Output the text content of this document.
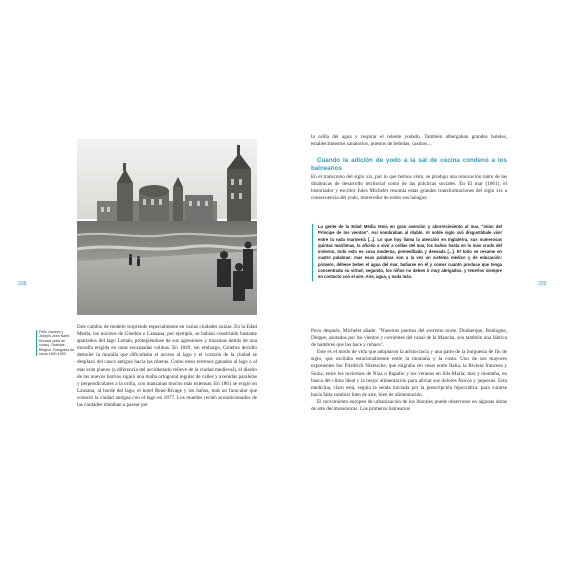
208	209
Félix Laureys y Joseph-Jean Naert. Kursaal (sala de curas), Ostende, Bélgica. Fotografía de hacia 1890-1900.

Este cambio de modelo sorprende especialmente en varias ciudades suizas. En la Edad Media, los núcleos de Ginebra o Lausana, por ejemplo, se habían construido bastante apartados del lago Lemán, protegiéndose de sus agresiones y miasmas detrás de una muralla erigida en unas escarpadas colinas. En 1849, sin embargo, Ginebra decidió demoler la muralla que dificultaba el acceso al lago y el corazón de la ciudad se desplazó del casco antiguo hacia las riberas. Como estos terrenos ganados al lago o al mar eran planos (a diferencia del accidentado relieve de la ciudad medieval), el diseño de los nuevos barrios siguió una malla ortogonal regular de calles y avenidas paralelas y perpendiculares a la orilla, con manzanas mucho más extensas. En 1861 se erigió en Lausana, al borde del lago, el hotel Beau-Rivage y los baños, más un funicular que conectó la ciudad antigua con el lago en 1877. Los muelles recién acondicionados de las ciudades imitaban a pasear por

la orilla del agua y respirar el relente yodado. También albergaban grandes hoteles, establecimientos sanatorios, puestos de bebidas, casinos…

Cuando la adición de yodo a la sal de cocina condenó a los balnearios

En el transcurso del siglo xix, por lo que hemos visto, se produjo una renovación tanto de las dinámicas de desarrollo territorial como de las prácticas sociales. En El mar (1861), el historiador y escritor Jules Michelet resumía estas grandes transformaciones del siglo xix a consecuencia del yodo, merecedor de todos sus halagos:

La gente de la Edad Media tenía en gran aversión y aborrecimiento al mar, "reino del Príncipe de los vientos". Así nombraban al diablo. Al noble siglo xvii disgustábale vivir entre la ruda marinería [...]. Lo que hoy llama la atención en Inglaterra, sus numerosas quintas marítimas, la afición a vivir a orillas del mar, los baños hasta en lo más crudo del invierno, todo esto es cosa moderna, premeditada y deseada [...]. El todo se resume en cuatro palabras: mas esas palabras son a la vez un sistema médico y de educación: primero, débese beber el agua del mar, bañarse en él y comer cuanto produce que tenga concentrada su virtud; segundo, los niños no deben ir muy abrigados, y tenerlos siempre en contacto con el aire. Aire, agua, y nada más.

Poco después, Michelet añade: "Nuestros puertos del extremo norte. Dunkerque, Boulogne, Dieppe, azotados por los vientos y corrientes del canal de la Mancha, son también una fábrica de hombres que los hace y rehace".

Este es el modo de vida que adoptaron la aristocracia y una parte de la burguesía de fin de siglo, que oscilaba estacionalmente entre la montaña y la costa. Uno de sus mayores exponentes fue Friedrich Nietzsche, que migraba sin cesar entre Italia, la Riviera francesa y Suiza; entre los inviernos de Niza o Rapallo y los veranos en Sils-Maria; mar y montaña, en busca del clima ideal y la mejor alimentación para aliviar sus dolores físicos y jaquecas. Esta medicina, claro está, seguía la senda iniciada por la prescripción hipocrática: para curarse hacía falta cambiar bien de aire, bien de alimentación.

El movimiento europeo de urbanización de los litorales puede observarse en algunas obras de arte decimonónicas. Los primeros balnearios
